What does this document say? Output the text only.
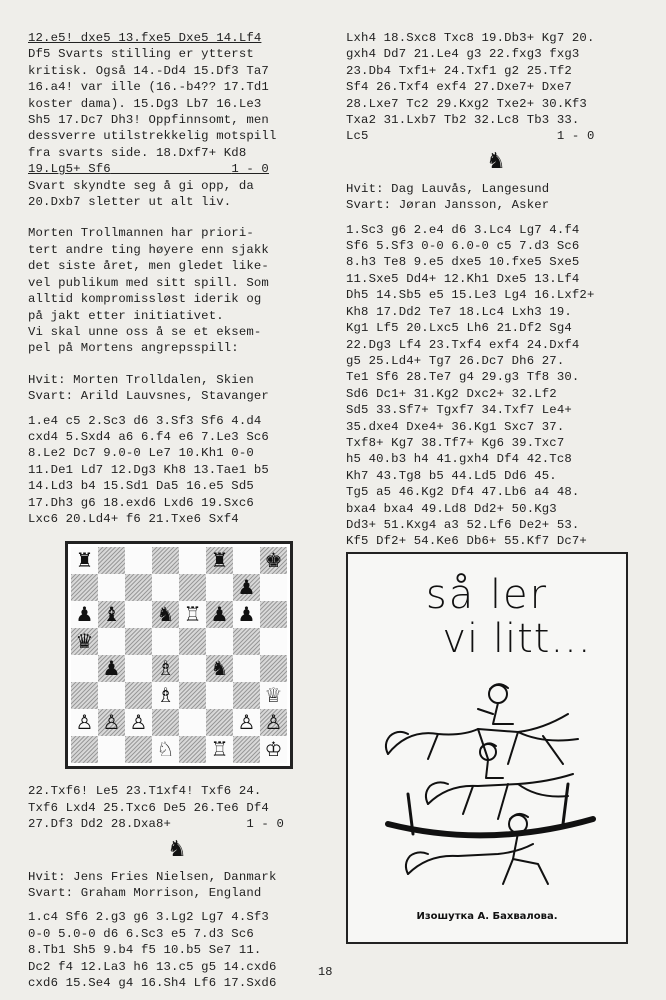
12.e5! dxe5 13.fxe5 Dxe5 14.Lf4

Df5 Svarts stilling er ytterst

kritisk. Også 14.-Dd4 15.Df3 Ta7

16.a4! var ille (16.-b4?? 17.Td1

koster dama). 15.Dg3 Lb7 16.Le3

Sh5 17.Dc7 Dh3! Oppfinnsomt, men

dessverre utilstrekkelig motspill

fra svarts side. 18.Dxf7+ Kd8

19.Lg5+ Sf6	1 - 0

Svart skyndte seg å gi opp, da

20.Dxb7 sletter ut alt liv.

Morten Trollmannen har priori-

tert andre ting høyere enn sjakk

det siste året, men gledet like-

vel publikum med sitt spill. Som

alltid kompromissløst iderik og

på jakt etter initiativet.

Vi skal unne oss å se et eksem-

pel på Mortens angrepsspill:

Hvit: Morten Trolldalen, Skien

Svart: Arild Lauvsnes, Stavanger

1.e4 c5 2.Sc3 d6 3.Sf3 Sf6 4.d4

cxd4 5.Sxd4 a6 6.f4 e6 7.Le3 Sc6

8.Le2 Dc7 9.0-0 Le7 10.Kh1 0-0

11.De1 Ld7 12.Dg3 Kh8 13.Tae1 b5

14.Ld3 b4 15.Sd1 Da5 16.e5 Sd5

17.Dh3 g6 18.exd6 Lxd6 19.Sxc6

Lxc6 20.Ld4+ f6 21.Txe6 Sxf4

♜	♜ ♚
♟
♟ ♝ ♞ ♖ ♟ ♟
♛
♟ ♗ ♞
♗	♕
♙ ♙ ♙	♙ ♙
♘ ♖ ♔

22.Txf6! Le5 23.T1xf4! Txf6 24.

Txf6 Lxd4 25.Txc6 De5 26.Te6 Df4

27.Df3 Dd2 28.Dxa8+	1 - 0

♞

Hvit: Jens Fries Nielsen, Danmark

Svart: Graham Morrison, England

1.c4 Sf6 2.g3 g6 3.Lg2 Lg7 4.Sf3

0-0 5.0-0 d6 6.Sc3 e5 7.d3 Sc6

8.Tb1 Sh5 9.b4 f5 10.b5 Se7 11.

Dc2 f4 12.La3 h6 13.c5 g5 14.cxd6

cxd6 15.Se4 g4 16.Sh4 Lf6 17.Sxd6

Lxh4 18.Sxc8 Txc8 19.Db3+ Kg7 20.

gxh4 Dd7 21.Le4 g3 22.fxg3 fxg3

23.Db4 Txf1+ 24.Txf1 g2 25.Tf2

Sf4 26.Txf4 exf4 27.Dxe7+ Dxe7

28.Lxe7 Tc2 29.Kxg2 Txe2+ 30.Kf3

Txa2 31.Lxb7 Tb2 32.Lc8 Tb3 33.

Lc5	1 - 0

♞

Hvit: Dag Lauvås, Langesund

Svart: Jøran Jansson, Asker

1.Sc3 g6 2.e4 d6 3.Lc4 Lg7 4.f4

Sf6 5.Sf3 0-0 6.0-0 c5 7.d3 Sc6

8.h3 Te8 9.e5 dxe5 10.fxe5 Sxe5

11.Sxe5 Dd4+ 12.Kh1 Dxe5 13.Lf4

Dh5 14.Sb5 e5 15.Le3 Lg4 16.Lxf2+

Kh8 17.Dd2 Te7 18.Lc4 Lxh3 19.

Kg1 Lf5 20.Lxc5 Lh6 21.Df2 Sg4

22.Dg3 Lf4 23.Txf4 exf4 24.Dxf4

g5 25.Ld4+ Tg7 26.Dc7 Dh6 27.

Te1 Sf6 28.Te7 g4 29.g3 Tf8 30.

Sd6 Dc1+ 31.Kg2 Dxc2+ 32.Lf2

Sd5 33.Sf7+ Tgxf7 34.Txf7 Le4+

35.dxe4 Dxe4+ 36.Kg1 Sxc7 37.

Txf8+ Kg7 38.Tf7+ Kg6 39.Txc7

h5 40.b3 h4 41.gxh4 Df4 42.Tc8

Kh7 43.Tg8 b5 44.Ld5 Dd6 45.

Tg5 a5 46.Kg2 Df4 47.Lb6 a4 48.

bxa4 bxa4 49.Ld8 Dd2+ 50.Kg3

Dd3+ 51.Kxg4 a3 52.Lf6 De2+ 53.

Kf5 Df2+ 54.Ke6 Db6+ 55.Kf7 Dc7+

så ler
vi litt...
Изошутка А. Бахвалова.
18
